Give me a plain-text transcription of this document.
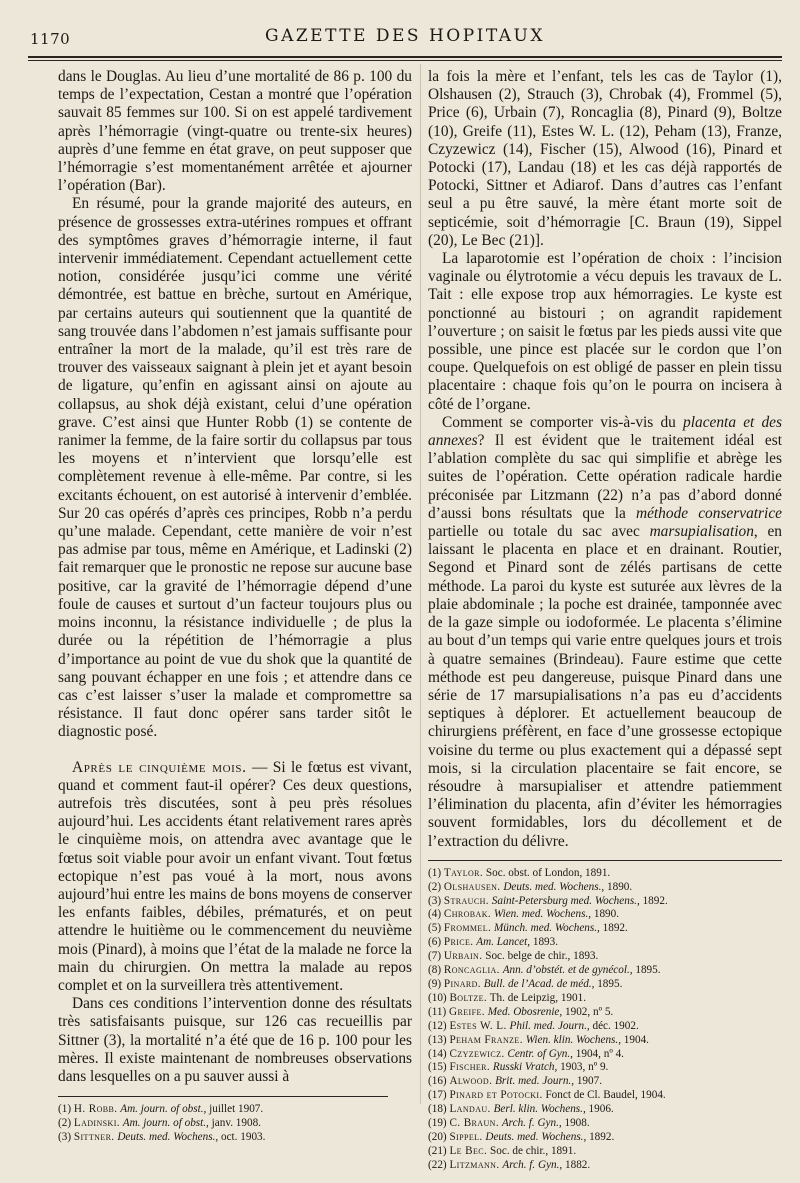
1170	GAZETTE DES HOPITAUX

dans le Douglas. Au lieu d’une mortalité de 86 p. 100 du temps de l’expectation, Cestan a montré que l’opération sauvait 85 femmes sur 100. Si on est appelé tardivement après l’hémorragie (vingt-quatre ou trente-six heures) auprès d’une femme en état grave, on peut supposer que l’hémorragie s’est momentanément arrêtée et ajourner l’opération (Bar).

En résumé, pour la grande majorité des auteurs, en présence de grossesses extra-utérines rompues et offrant des symptômes graves d’hémorragie interne, il faut intervenir immédiatement. Cependant actuellement cette notion, considérée jusqu’ici comme une vérité démontrée, est battue en brèche, surtout en Amérique, par certains auteurs qui soutiennent que la quantité de sang trouvée dans l’abdomen n’est jamais suffisante pour entraîner la mort de la malade, qu’il est très rare de trouver des vaisseaux saignant à plein jet et ayant besoin de ligature, qu’enfin en agissant ainsi on ajoute au collapsus, au shok déjà existant, celui d’une opération grave. C’est ainsi que Hunter Robb (1) se contente de ranimer la femme, de la faire sortir du collapsus par tous les moyens et n’intervient que lorsqu’elle est complètement revenue à elle-même. Par contre, si les excitants échouent, on est autorisé à intervenir d’emblée. Sur 20 cas opérés d’après ces principes, Robb n’a perdu qu’une malade. Cependant, cette manière de voir n’est pas admise par tous, même en Amérique, et Ladinski (2) fait remarquer que le pronostic ne repose sur aucune base positive, car la gravité de l’hémorragie dépend d’une foule de causes et surtout d’un facteur toujours plus ou moins inconnu, la résistance individuelle ; de plus la durée ou la répétition de l’hémorragie a plus d’importance au point de vue du shok que la quantité de sang pouvant échapper en une fois ; et attendre dans ce cas c’est laisser s’user la malade et compromettre sa résistance. Il faut donc opérer sans tarder sitôt le diagnostic posé.

Après le cinquième mois. — Si le fœtus est vivant, quand et comment faut-il opérer? Ces deux questions, autrefois très discutées, sont à peu près résolues aujourd’hui. Les accidents étant relativement rares après le cinquième mois, on attendra avec avantage que le fœtus soit viable pour avoir un enfant vivant. Tout fœtus ectopique n’est pas voué à la mort, nous avons aujourd’hui entre les mains de bons moyens de conserver les enfants faibles, débiles, prématurés, et on peut attendre le huitième ou le commencement du neuvième mois (Pinard), à moins que l’état de la malade ne force la main du chirurgien. On mettra la malade au repos complet et on la surveillera très attentivement.

Dans ces conditions l’intervention donne des résultats très satisfaisants puisque, sur 126 cas recueillis par Sittner (3), la mortalité n’a été que de 16 p. 100 pour les mères. Il existe maintenant de nombreuses observations dans lesquelles on a pu sauver aussi à

(1) H. Robb. Am. journ. of obst., juillet 1907.
(2) Ladinski. Am. journ. of obst., janv. 1908.
(3) Sittner. Deuts. med. Wochens., oct. 1903.

la fois la mère et l’enfant, tels les cas de Taylor (1), Olshausen (2), Strauch (3), Chrobak (4), Frommel (5), Price (6), Urbain (7), Roncaglia (8), Pinard (9), Boltze (10), Greife (11), Estes W. L. (12), Peham (13), Franze, Czyzewicz (14), Fischer (15), Alwood (16), Pinard et Potocki (17), Landau (18) et les cas déjà rapportés de Potocki, Sittner et Adiarof. Dans d’autres cas l’enfant seul a pu être sauvé, la mère étant morte soit de septicémie, soit d’hémorragie [C. Braun (19), Sippel (20), Le Bec (21)].

La laparotomie est l’opération de choix : l’incision vaginale ou élytrotomie a vécu depuis les travaux de L. Tait : elle expose trop aux hémorragies. Le kyste est ponctionné au bistouri ; on agrandit rapidement l’ouverture ; on saisit le fœtus par les pieds aussi vite que possible, une pince est placée sur le cordon que l’on coupe. Quelquefois on est obligé de passer en plein tissu placentaire : chaque fois qu’on le pourra on incisera à côté de l’organe.

Comment se comporter vis-à-vis du placenta et des annexes? Il est évident que le traitement idéal est l’ablation complète du sac qui simplifie et abrège les suites de l’opération. Cette opération radicale hardie préconisée par Litzmann (22) n’a pas d’abord donné d’aussi bons résultats que la méthode conservatrice partielle ou totale du sac avec marsupialisation, en laissant le placenta en place et en drainant. Routier, Segond et Pinard sont de zélés partisans de cette méthode. La paroi du kyste est suturée aux lèvres de la plaie abdominale ; la poche est drainée, tamponnée avec de la gaze simple ou iodoformée. Le placenta s’élimine au bout d’un temps qui varie entre quelques jours et trois à quatre semaines (Brindeau). Faure estime que cette méthode est peu dangereuse, puisque Pinard dans une série de 17 marsupialisations n’a pas eu d’accidents septiques à déplorer. Et actuellement beaucoup de chirurgiens préfèrent, en face d’une grossesse ectopique voisine du terme ou plus exactement qui a dépassé sept mois, si la circulation placentaire se fait encore, se résoudre à marsupialiser et attendre patiemment l’élimination du placenta, afin d’éviter les hémorragies souvent formidables, lors du décollement et de l’extraction du délivre.

(1) Taylor. Soc. obst. of London, 1891.
(2) Olshausen. Deuts. med. Wochens., 1890.
(3) Strauch. Saint-Petersburg med. Wochens., 1892.
(4) Chrobak. Wien. med. Wochens., 1890.
(5) Frommel. Münch. med. Wochens., 1892.
(6) Price. Am. Lancet, 1893.
(7) Urbain. Soc. belge de chir., 1893.
(8) Roncaglia. Ann. d’obstét. et de gynécol., 1895.
(9) Pinard. Bull. de l’Acad. de méd., 1895.
(10) Boltze. Th. de Leipzig, 1901.
(11) Greife. Med. Obosrenie, 1902, nº 5.
(12) Estes W. L. Phil. med. Journ., déc. 1902.
(13) Peham Franze. Wien. klin. Wochens., 1904.
(14) Czyzewicz. Centr. of Gyn., 1904, nº 4.
(15) Fischer. Russki Vratch, 1903, nº 9.
(16) Alwood. Brit. med. Journ., 1907.
(17) Pinard et Potocki. Fonct de Cl. Baudel, 1904.
(18) Landau. Berl. klin. Wochens., 1906.
(19) C. Braun. Arch. f. Gyn., 1908.
(20) Sippel. Deuts. med. Wochens., 1892.
(21) Le Bec. Soc. de chir., 1891.
(22) Litzmann. Arch. f. Gyn., 1882.
